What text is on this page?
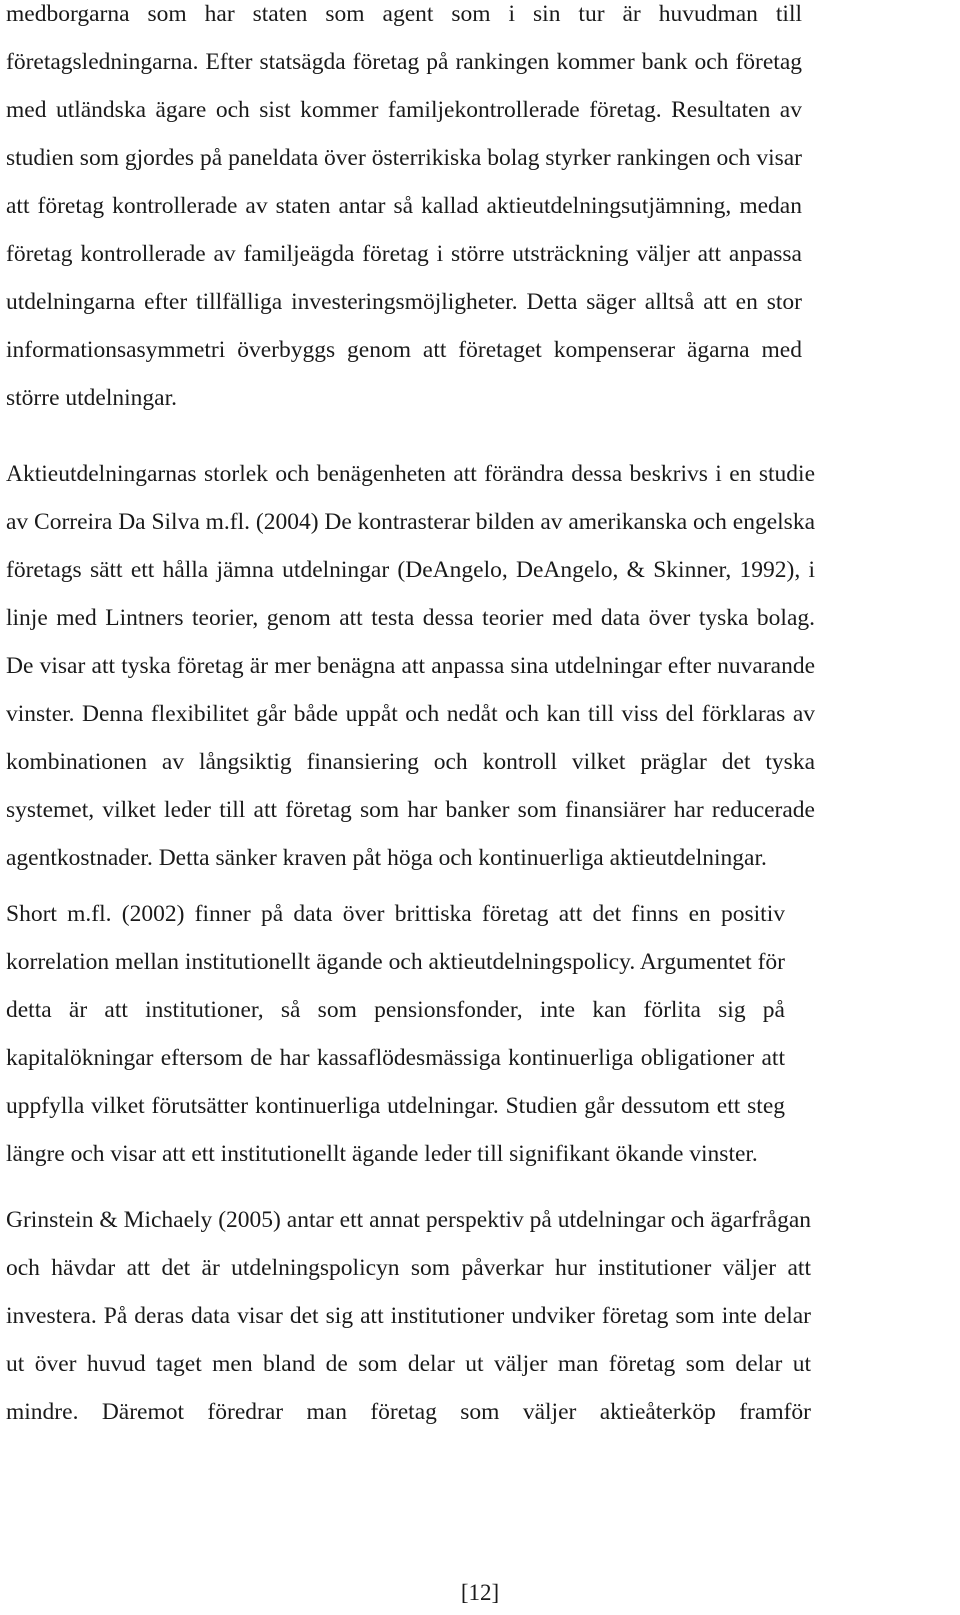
medborgarna som har staten som agent som i sin tur är huvudman till
företagsledningarna. Efter statsägda företag på rankingen kommer bank och företag
med utländska ägare och sist kommer familjekontrollerade företag. Resultaten av
studien som gjordes på paneldata över österrikiska bolag styrker rankingen och visar
att företag kontrollerade av staten antar så kallad aktieutdelningsutjämning, medan
företag kontrollerade av familjeägda företag i större utsträckning väljer att anpassa
utdelningarna efter tillfälliga investeringsmöjligheter. Detta säger alltså att en stor
informationsasymmetri överbyggs genom att företaget kompenserar ägarna med
större utdelningar.
Aktieutdelningarnas storlek och benägenheten att förändra dessa beskrivs i en studie
av Correira Da Silva m.fl. (2004) De kontrasterar bilden av amerikanska och engelska
företags sätt ett hålla jämna utdelningar (DeAngelo, DeAngelo, & Skinner, 1992), i
linje med Lintners teorier, genom att testa dessa teorier med data över tyska bolag.
De visar att tyska företag är mer benägna att anpassa sina utdelningar efter nuvarande
vinster. Denna flexibilitet går både uppåt och nedåt och kan till viss del förklaras av
kombinationen av långsiktig finansiering och kontroll vilket präglar det tyska
systemet, vilket leder till att företag som har banker som finansiärer har reducerade
agentkostnader. Detta sänker kraven påt höga och kontinuerliga aktieutdelningar.
Short m.fl. (2002) finner på data över brittiska företag att det finns en positiv
korrelation mellan institutionellt ägande och aktieutdelningspolicy. Argumentet för
detta är att institutioner, så som pensionsfonder, inte kan förlita sig på
kapitalökningar eftersom de har kassaflödesmässiga kontinuerliga obligationer att
uppfylla vilket förutsätter kontinuerliga utdelningar. Studien går dessutom ett steg
längre och visar att ett institutionellt ägande leder till signifikant ökande vinster.
Grinstein & Michaely (2005) antar ett annat perspektiv på utdelningar och ägarfrågan
och hävdar att det är utdelningspolicyn som påverkar hur institutioner väljer att
investera. På deras data visar det sig att institutioner undviker företag som inte delar
ut över huvud taget men bland de som delar ut väljer man företag som delar ut
mindre. Däremot föredrar man företag som väljer aktieåterköp framför
[12]
